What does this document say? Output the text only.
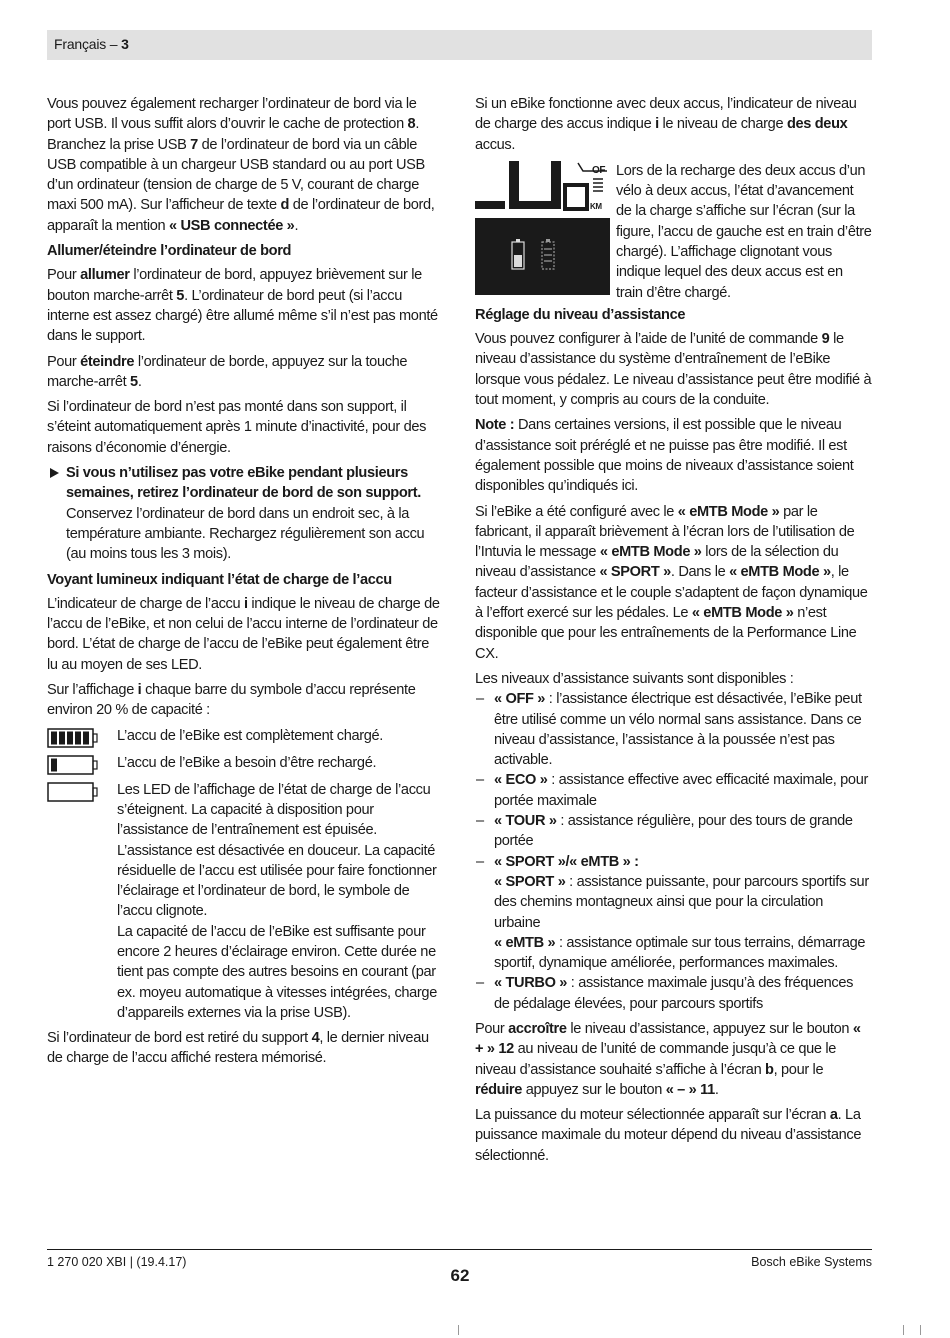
Français – 3

Vous pouvez également recharger l’ordinateur de bord via le port USB. Il vous suffit alors d’ouvrir le cache de protection 8. Branchez la prise USB 7 de l’ordinateur de bord via un câble USB compatible à un chargeur USB standard ou au port USB d’un ordinateur (tension de charge de 5 V, courant de charge maxi 500 mA). Sur l’afficheur de texte d de l’ordinateur de bord, apparaît la mention « USB connectée ».

Allumer/éteindre l’ordinateur de bord

Pour allumer l’ordinateur de bord, appuyez brièvement sur le bouton marche-arrêt 5. L’ordinateur de bord peut (si l’accu interne est assez chargé) être allumé même s’il n’est pas monté dans le support.

Pour éteindre l’ordinateur de borde, appuyez sur la touche marche-arrêt 5.

Si l’ordinateur de bord n’est pas monté dans son support, il s’éteint automatiquement après 1 minute d’inactivité, pour des raisons d’économie d’énergie.

Si vous n’utilisez pas votre eBike pendant plusieurs semaines, retirez l’ordinateur de bord de son support.
Conservez l’ordinateur de bord dans un endroit sec, à la température ambiante. Rechargez régulièrement son accu (au moins tous les 3 mois).
Voyant lumineux indiquant l’état de charge de l’accu

L’indicateur de charge de l’accu i indique le niveau de charge de l’accu de l’eBike, et non celui de l’accu interne de l’ordinateur de bord. L’état de charge de l’accu de l’eBike peut également être lu au moyen de ses LED.

Sur l’affichage i chaque barre du symbole d’accu représente environ 20 % de capacité :

L’accu de l’eBike est complètement chargé.
L’accu de l’eBike a besoin d’être rechargé.
Les LED de l’affichage de l’état de charge de l’accu s’éteignent. La capacité à disposition pour l’assistance de l’entraînement est épuisée. L’assistance est désactivée en douceur. La capacité résiduelle de l’accu est utilisée pour faire fonctionner l’éclairage et l’ordinateur de bord, le symbole de l’accu clignote.
La capacité de l’accu de l’eBike est suffisante pour encore 2 heures d’éclairage environ. Cette durée ne tient pas compte des autres besoins en courant (par ex. moyeu automatique à vitesses intégrées, charge d’appareils externes via la prise USB).

Si l’ordinateur de bord est retiré du support 4, le dernier niveau de charge de l’accu affiché restera mémorisé.

Si un eBike fonctionne avec deux accus, l’indicateur de niveau de charge des accus indique i le niveau de charge des deux accus.

OF
KM
Lors de la recharge des deux accus d’un vélo à deux accus, l’état d’avancement de la charge s’affiche sur l’écran (sur la figure, l’accu de gauche est en train d’être chargé). L’affichage clignotant vous indique lequel des deux accus est en train d’être chargé.
Réglage du niveau d’assistance

Vous pouvez configurer à l’aide de l’unité de commande 9 le niveau d’assistance du système d’entraînement de l’eBike lorsque vous pédalez. Le niveau d’assistance peut être modifié à tout moment, y compris au cours de la conduite.

Note : Dans certaines versions, il est possible que le niveau d’assistance soit préréglé et ne puisse pas être modifié. Il est également possible que moins de niveaux d’assistance soient disponibles qu’indiqués ici.

Si l’eBike a été configuré avec le « eMTB Mode » par le fabricant, il apparaît brièvement à l’écran lors de l’utilisation de l’Intuvia le message « eMTB Mode » lors de la sélection du niveau d’assistance « SPORT ». Dans le « eMTB Mode », le facteur d’assistance et le couple s’adaptent de façon dynamique à l’effort exercé sur les pédales. Le « eMTB Mode » n’est disponible que pour les entraînements de la Performance Line CX.

Les niveaux d’assistance suivants sont disponibles :

– « OFF » : l’assistance électrique est désactivée, l’eBike peut être utilisé comme un vélo normal sans assistance. Dans ce niveau d’assistance, l’assistance à la poussée n’est pas activable.
– « ECO » : assistance effective avec efficacité maximale, pour portée maximale
– « TOUR » : assistance régulière, pour des tours de grande portée
– « SPORT »/« eMTB » :
« SPORT » : assistance puissante, pour parcours sportifs sur des chemins montagneux ainsi que pour la circulation urbaine
« eMTB » : assistance optimale sur tous terrains, démarrage sportif, dynamique améliorée, performances maximales.
– « TURBO » : assistance maximale jusqu’à des fréquences de pédalage élevées, pour parcours sportifs

Pour accroître le niveau d’assistance, appuyez sur le bouton « + » 12 au niveau de l’unité de commande jusqu’à ce que le niveau d’assistance souhaité s’affiche à l’écran b, pour le réduire appuyez sur le bouton « – » 11.

La puissance du moteur sélectionnée apparaît sur l’écran a. La puissance maximale du moteur dépend du niveau d’assistance sélectionné.

1 270 020 XBI | (19.4.17)	Bosch eBike Systems
62
